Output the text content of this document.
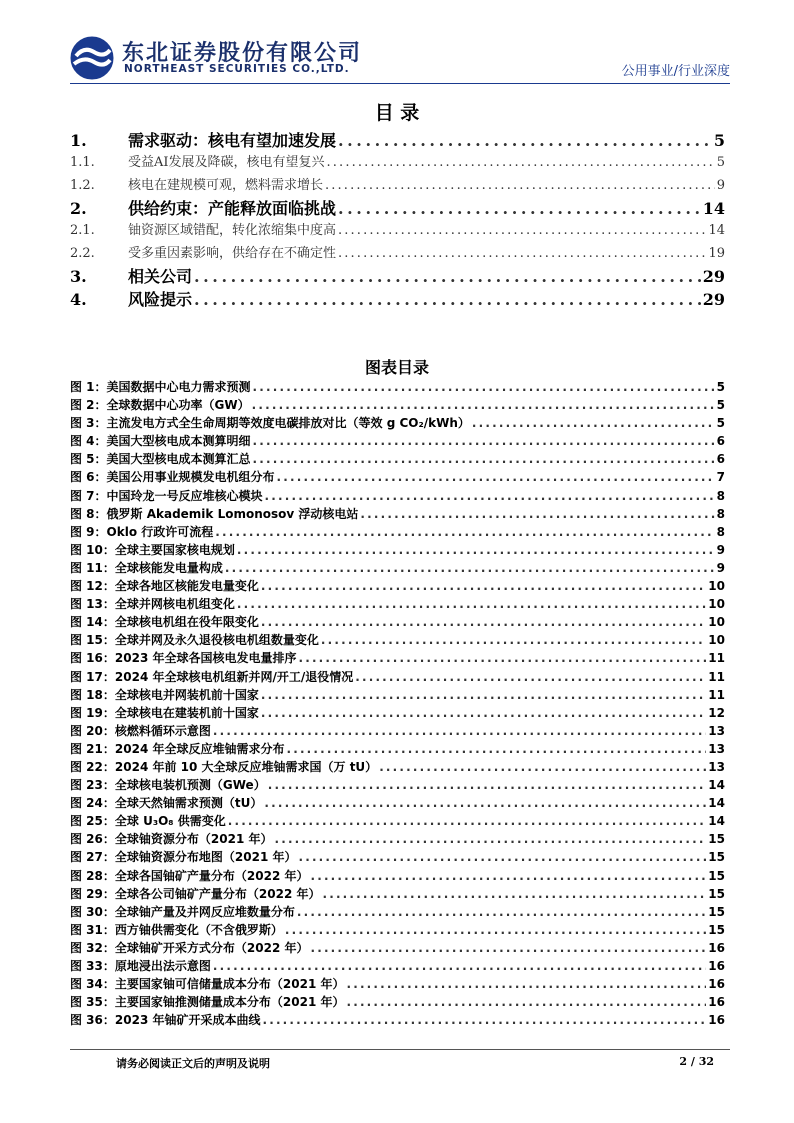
东北证券股份有限公司
NORTHEAST SECURITIES CO.,LTD.	公用事业/行业深度
目 录
1.	需求驱动：核电有望加速发展 . . .	5
1.1.	受益AI发展及降碳，核电有望复兴 . . .	5
1.2.	核电在建规模可观，燃料需求增长 . . .	9
2.	供给约束：产能释放面临挑战 . . .	14
2.1.	铀资源区域错配，转化浓缩集中度高 . . .	14
2.2.	受多重因素影响，供给存在不确定性 . . .	19
3.	相关公司 . . .	29
4.	风险提示 . . .	29
图表目录
图 1： 美国数据中心电力需求预测 . . .	5
图 2： 全球数据中心功率（GW） . . .	5
图 3： 主流发电方式全生命周期等效度电碳排放对比（等效 g CO₂/kWh） . . .	5
图 4： 美国大型核电成本测算明细 . . .	6
图 5： 美国大型核电成本测算汇总 . . .	6
图 6： 美国公用事业规模发电机组分布 . . .	7
图 7： 中国玲龙一号反应堆核心模块 . . .	8
图 8： 俄罗斯 Akademik Lomonosov 浮动核电站 . . .	8
图 9： Oklo 行政许可流程 . . .	8
图 10： 全球主要国家核电规划 . . .	9
图 11： 全球核能发电量构成 . . .	9
图 12： 全球各地区核能发电量变化 . . .	10
图 13： 全球并网核电机组变化 . . .	10
图 14： 全球核电机组在役年限变化 . . .	10
图 15： 全球并网及永久退役核电机组数量变化 . . .	10
图 16： 2023 年全球各国核电发电量排序 . . .	11
图 17： 2024 年全球核电机组新并网/开工/退役情况 . . .	11
图 18： 全球核电并网装机前十国家 . . .	11
图 19： 全球核电在建装机前十国家 . . .	12
图 20： 核燃料循环示意图 . . .	13
图 21： 2024 年全球反应堆铀需求分布 . . .	13
图 22： 2024 年前 10 大全球反应堆铀需求国（万 tU） . . .	13
图 23： 全球核电装机预测（GWe） . . .	14
图 24： 全球天然铀需求预测（tU） . . .	14
图 25： 全球 U₃O₈ 供需变化 . . .	14
图 26： 全球铀资源分布（2021 年） . . .	15
图 27： 全球铀资源分布地图（2021 年） . . .	15
图 28： 全球各国铀矿产量分布（2022 年） . . .	15
图 29： 全球各公司铀矿产量分布（2022 年） . . .	15
图 30： 全球铀产量及并网反应堆数量分布 . . .	15
图 31： 西方铀供需变化（不含俄罗斯） . . .	15
图 32： 全球铀矿开采方式分布（2022 年） . . .	16
图 33： 原地浸出法示意图 . . .	16
图 34： 主要国家铀可信储量成本分布（2021 年） . . .	16
图 35： 主要国家铀推测储量成本分布（2021 年） . . .	16
图 36： 2023 年铀矿开采成本曲线 . . .	16
请务必阅读正文后的声明及说明	2 / 32
